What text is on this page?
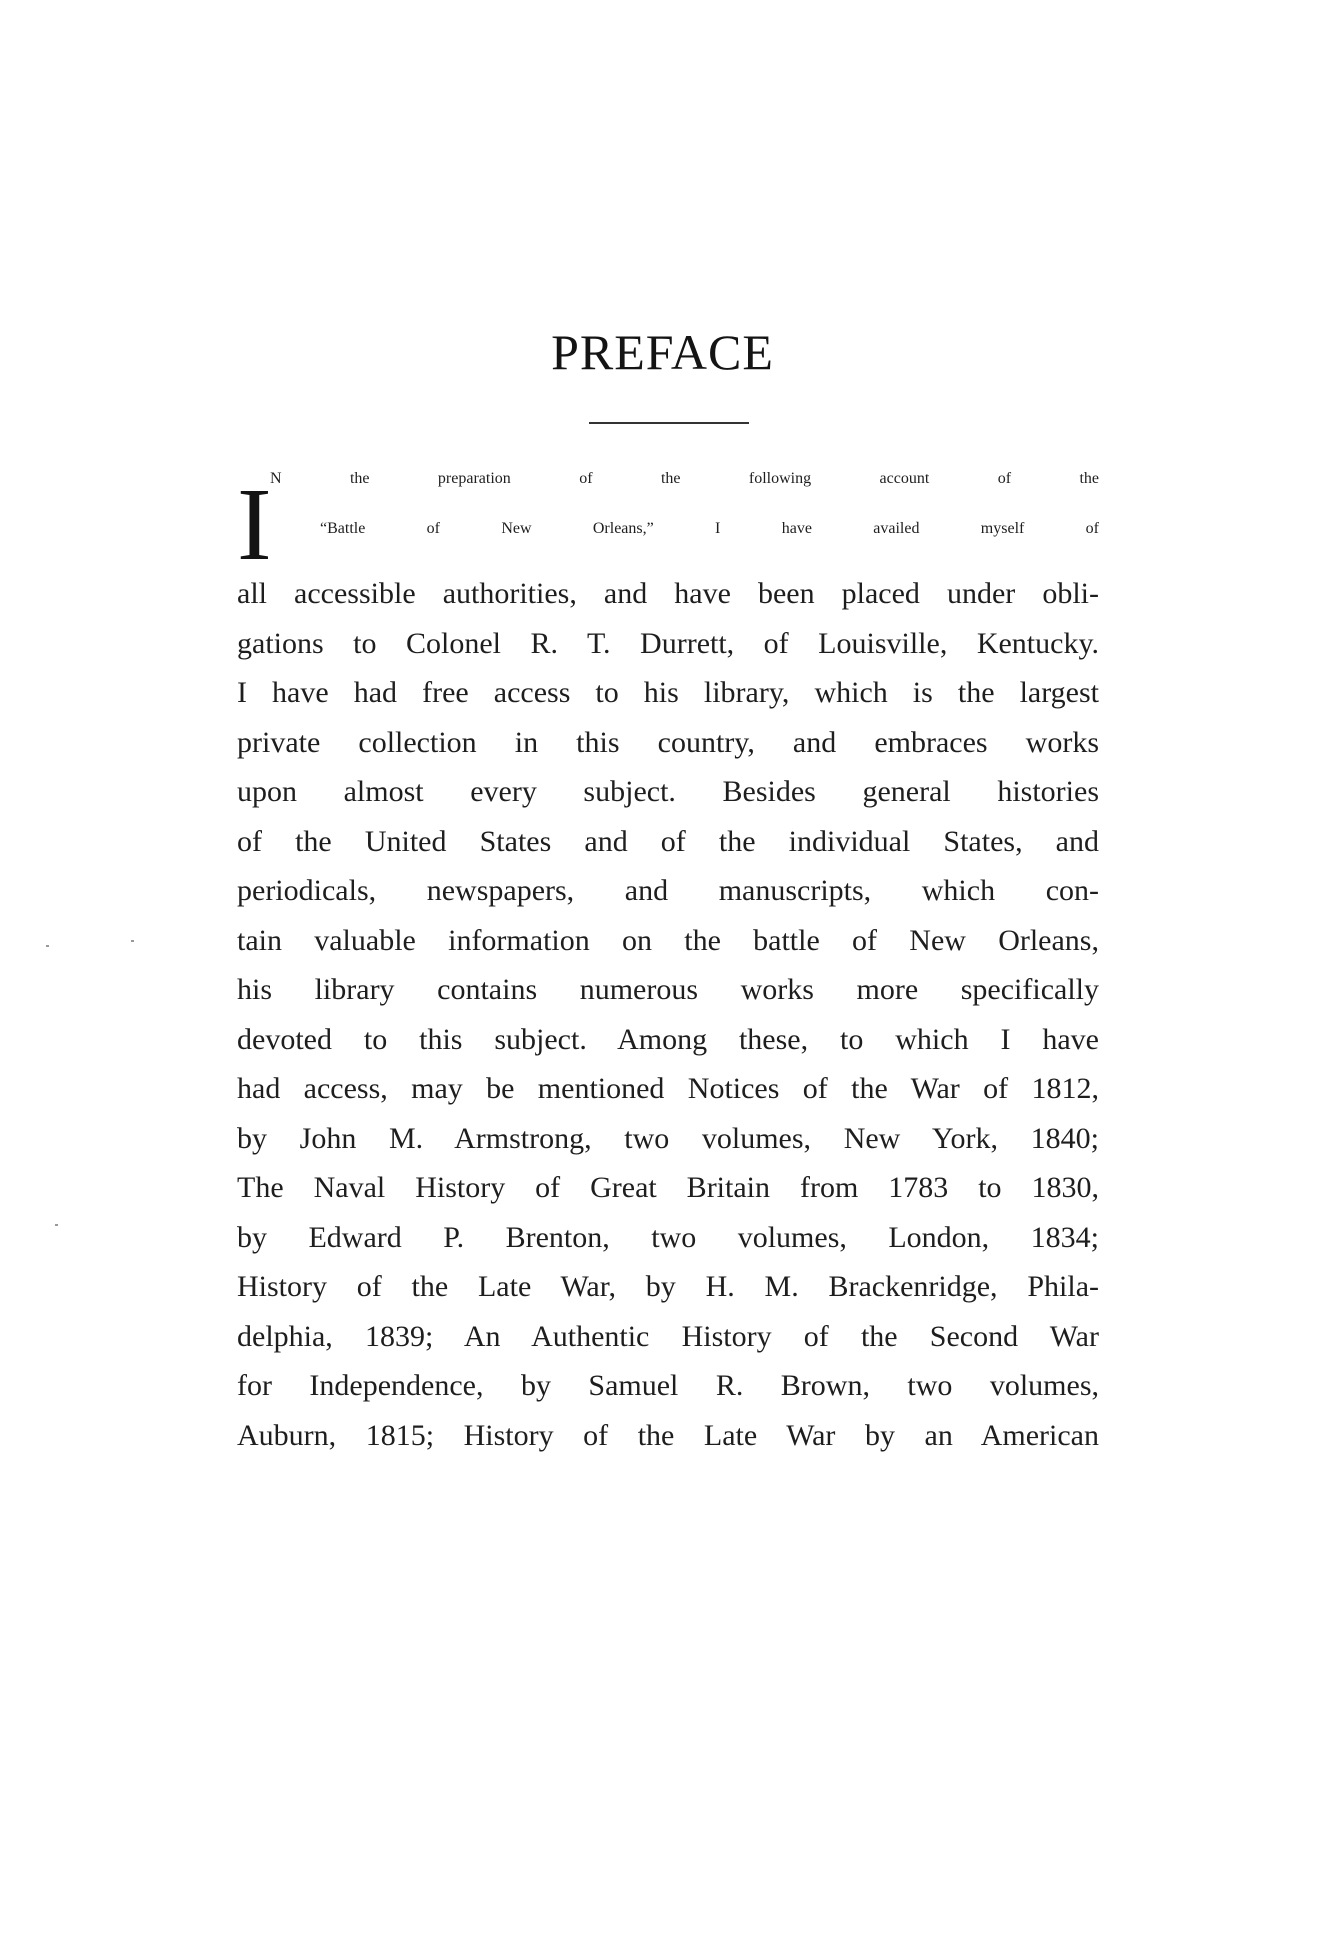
PREFACE
I
N the preparation of the following account of the
“Battle of New Orleans,” I have availed myself of
all accessible authorities, and have been placed under obli-
gations to Colonel R. T. Durrett, of Louisville, Kentucky.
I have had free access to his library, which is the largest
private collection in this country, and embraces works
upon almost every subject. Besides general histories
of the United States and of the individual States, and
periodicals, newspapers, and manuscripts, which con-
tain valuable information on the battle of New Orleans,
his library contains numerous works more specifically
devoted to this subject. Among these, to which I have
had access, may be mentioned Notices of the War of 1812,
by John M. Armstrong, two volumes, New York, 1840;
The Naval History of Great Britain from 1783 to 1830,
by Edward P. Brenton, two volumes, London, 1834;
History of the Late War, by H. M. Brackenridge, Phila-
delphia, 1839; An Authentic History of the Second War
for Independence, by Samuel R. Brown, two volumes,
Auburn, 1815; History of the Late War by an American
